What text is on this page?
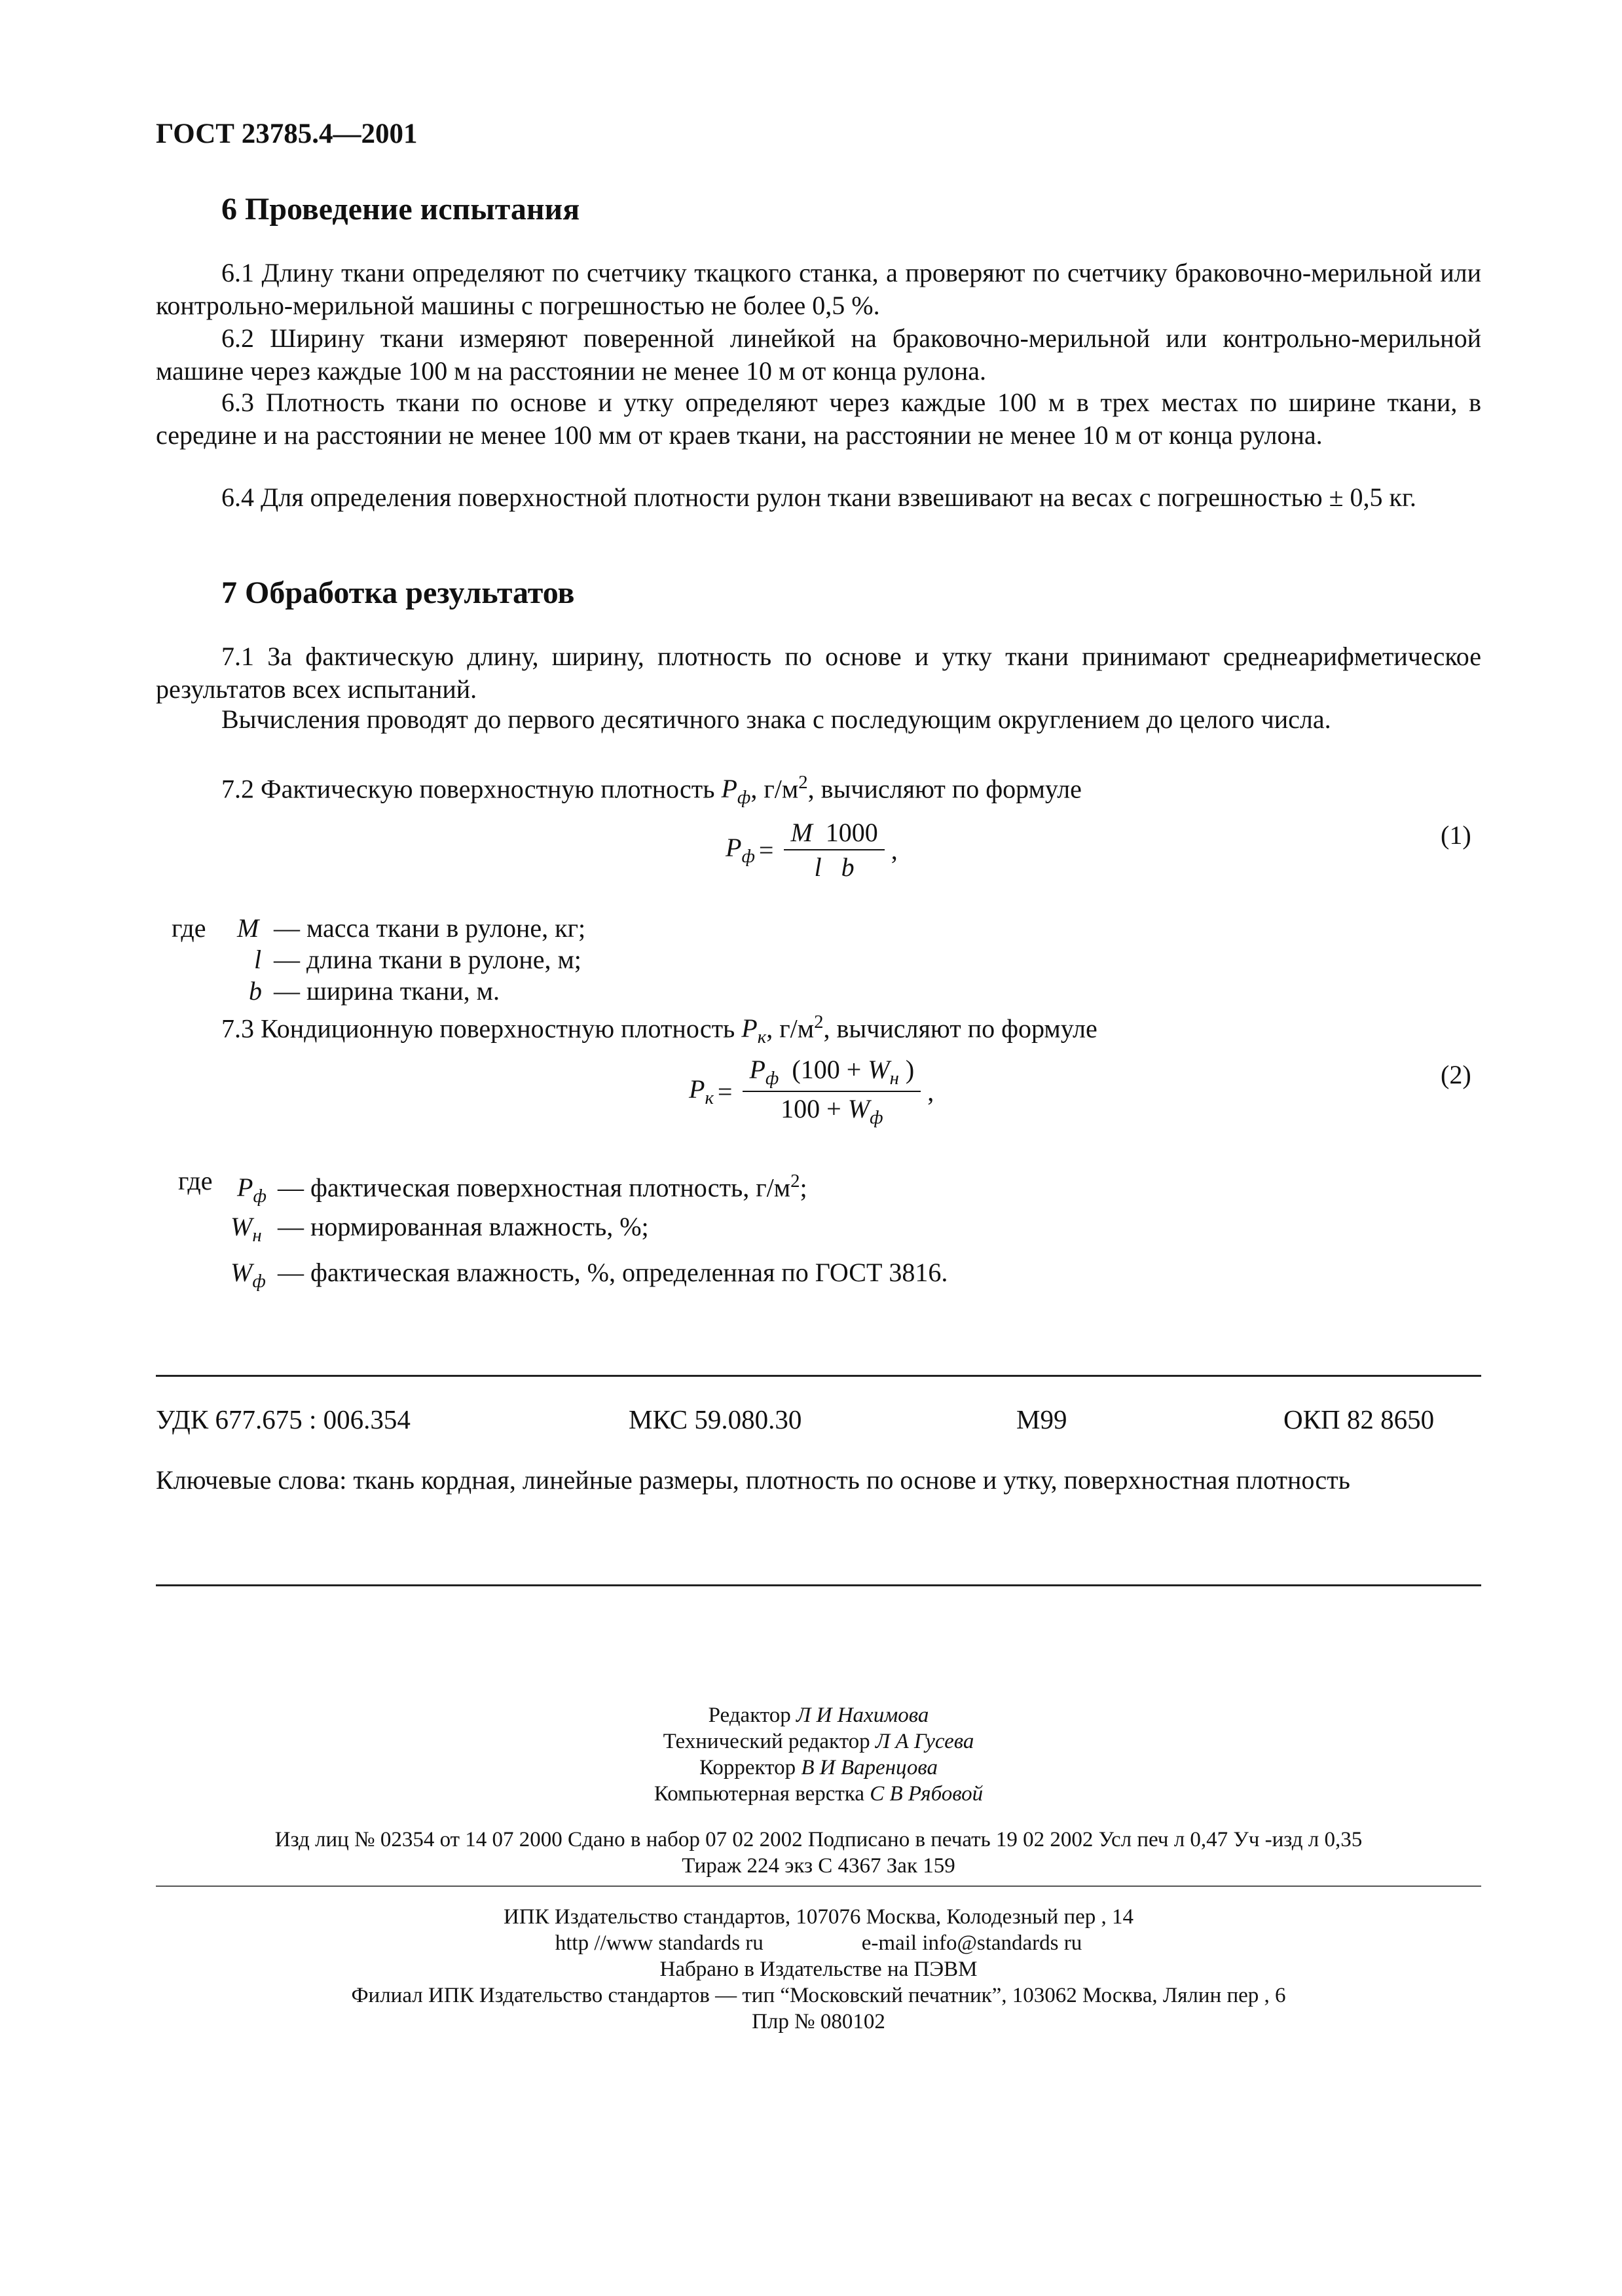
ГОСТ 23785.4—2001
6 Проведение испытания
6.1 Длину ткани определяют по счетчику ткацкого станка, а проверяют по счетчику браковочно-мерильной или контрольно-мерильной машины с погрешностью не более 0,5 %.
6.2 Ширину ткани измеряют поверенной линейкой на браковочно-мерильной или контрольно-мерильной машине через каждые 100 м на расстоянии не менее 10 м от конца рулона.
6.3 Плотность ткани по основе и утку определяют через каждые 100 м в трех местах по ширине ткани, в середине и на расстоянии не менее 100 мм от краев ткани, на расстоянии не менее 10 м от конца рулона.
6.4 Для определения поверхностной плотности рулон ткани взвешивают на весах с погрешностью ± 0,5 кг.
7 Обработка результатов
7.1 За фактическую длину, ширину, плотность по основе и утку ткани принимают среднеарифметическое результатов всех испытаний.
Вычисления проводят до первого десятичного знака с последующим округлением до целого числа.
7.2 Фактическую поверхностную плотность $P_ф$, $г/м^2$, вычисляют по формуле
$P_ф = \frac{M 1000}{\text{l b}}$ ,	(1)
где M — масса ткани в рулоне, кг;
l — длина ткани в рулоне, м;
b — ширина ткани, м.
7.3 Кондиционную поверхностную плотность $P_к$, $г/м^2$, вычисляют по формуле
$P_к = \frac{P_ф (100 + W_н )}{100 + W_ф}$ ,
(2)
где $P_ф$ — фактическая поверхностная плотность, $г/м^2$;
$W_н$ — нормированная влажность, %;
$W_ф$ — фактическая влажность, %, определенная по ГОСТ 3816.
УДК 677.675 : 006.354	МКС 59.080.30	М99	ОКП 82 8650
Ключевые слова: ткань кордная, линейные размеры, плотность по основе и утку, поверхностная плотность
Редактор Л И Нахимова
Технический редактор Л А Гусева
Корректор В И Варенцова
Компьютерная верстка С В Рябовой
Изд лиц № 02354 от 14 07 2000 Сдано в набор 07 02 2002 Подписано в печать 19 02 2002 Усл печ л 0,47 Уч -изд л 0,35
Тираж 224 экз С 4367 Зак 159
ИПК Издательство стандартов, 107076 Москва, Колодезный пер , 14
http //www standards ru	e-mail info@standards ru
Набрано в Издательстве на ПЭВМ
Филиал ИПК Издательство стандартов — тип “Московский печатник”, 103062 Москва, Лялин пер , 6
Плр № 080102
